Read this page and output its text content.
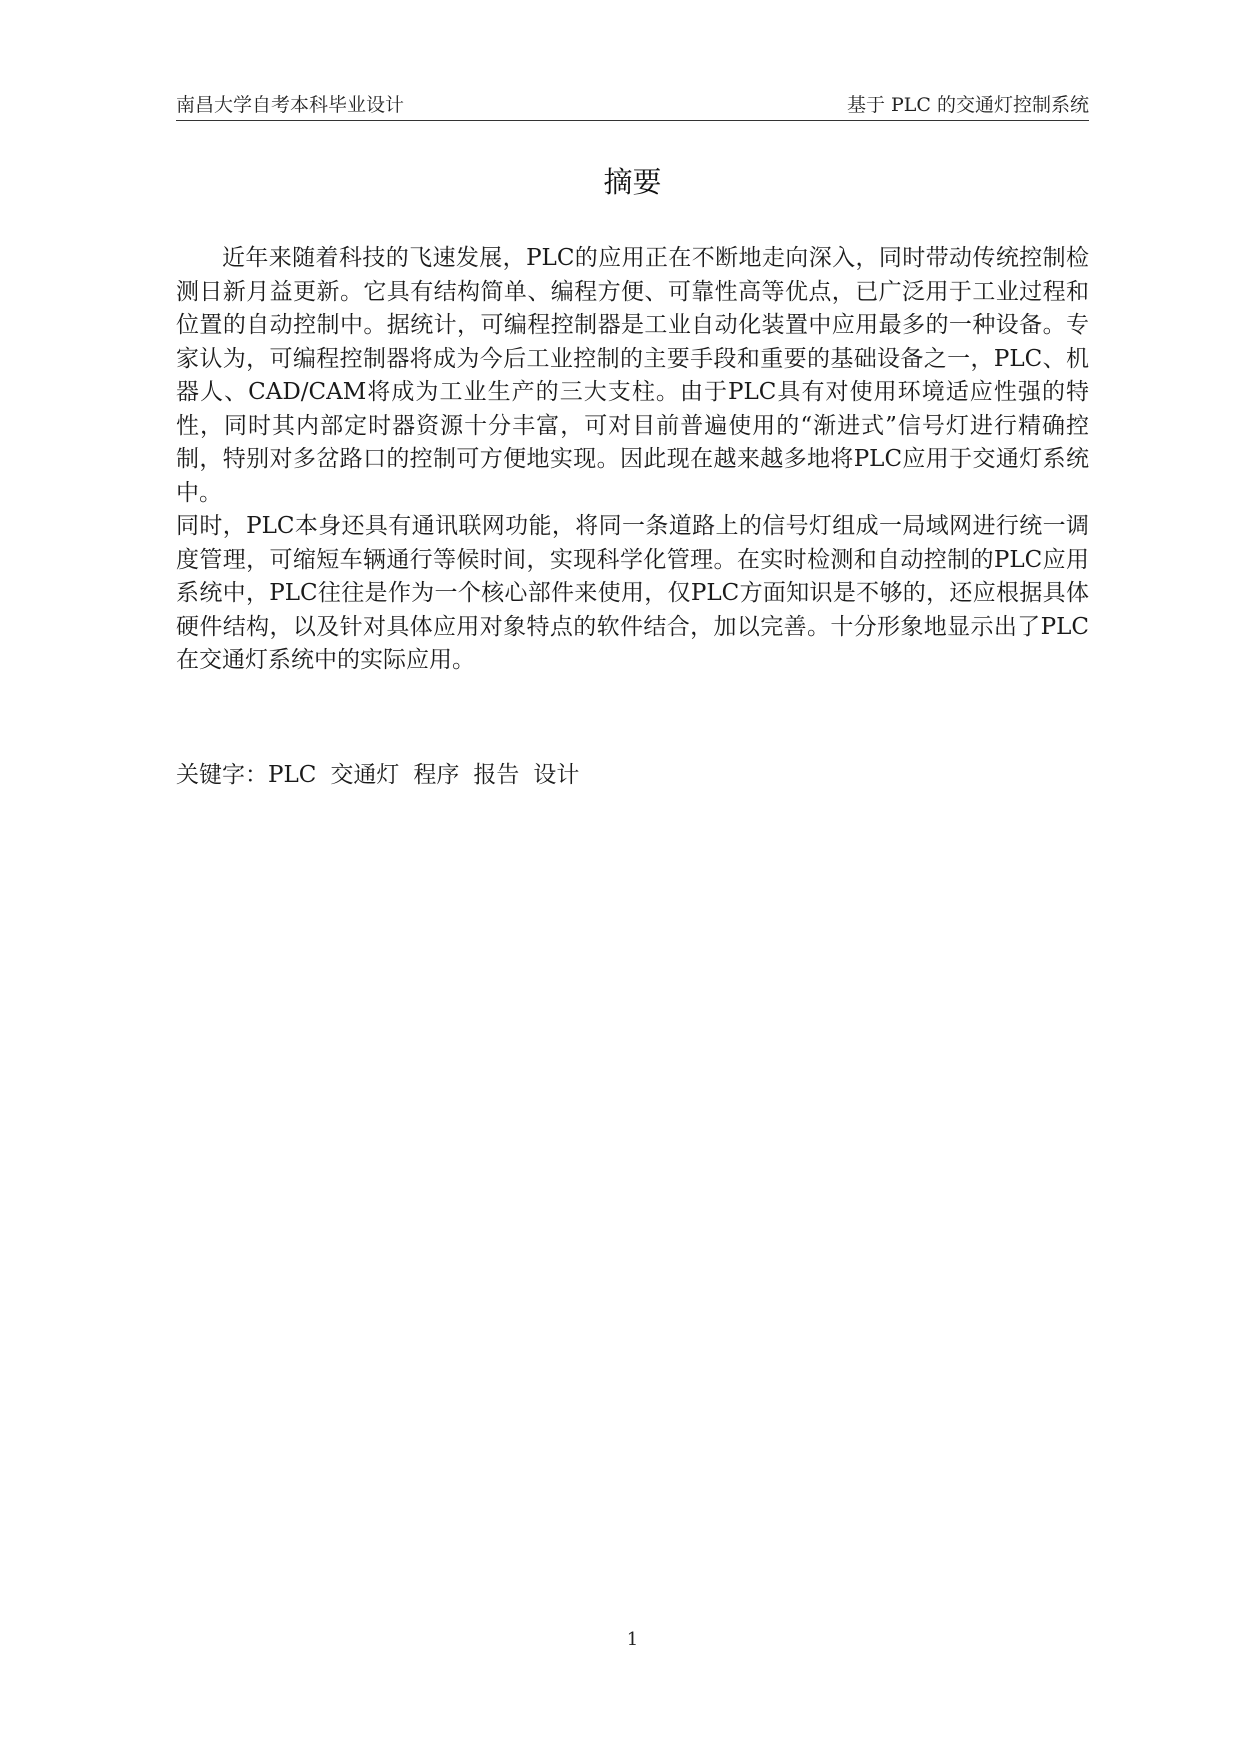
南昌大学自考本科毕业设计	基于 PLC 的交通灯控制系统
摘要

近年来随着科技的飞速发展，PLC的应用正在不断地走向深入，同时带动传统控制检测日新月益更新。它具有结构简单、编程方便、可靠性高等优点，已广泛用于工业过程和位置的自动控制中。据统计，可编程控制器是工业自动化装置中应用最多的一种设备。专家认为，可编程控制器将成为今后工业控制的主要手段和重要的基础设备之一，PLC、机器人、CAD/CAM将成为工业生产的三大支柱。由于PLC具有对使用环境适应性强的特性，同时其内部定时器资源十分丰富，可对目前普遍使用的“渐进式”信号灯进行精确控制，特别对多岔路口的控制可方便地实现。因此现在越来越多地将PLC应用于交通灯系统中。

同时，PLC本身还具有通讯联网功能，将同一条道路上的信号灯组成一局域网进行统一调度管理，可缩短车辆通行等候时间，实现科学化管理。在实时检测和自动控制的PLC应用系统中，PLC往往是作为一个核心部件来使用，仅PLC方面知识是不够的，还应根据具体硬件结构，以及针对具体应用对象特点的软件结合，加以完善。十分形象地显示出了PLC在交通灯系统中的实际应用。

关键字：PLC 交通灯 程序 报告 设计
1
